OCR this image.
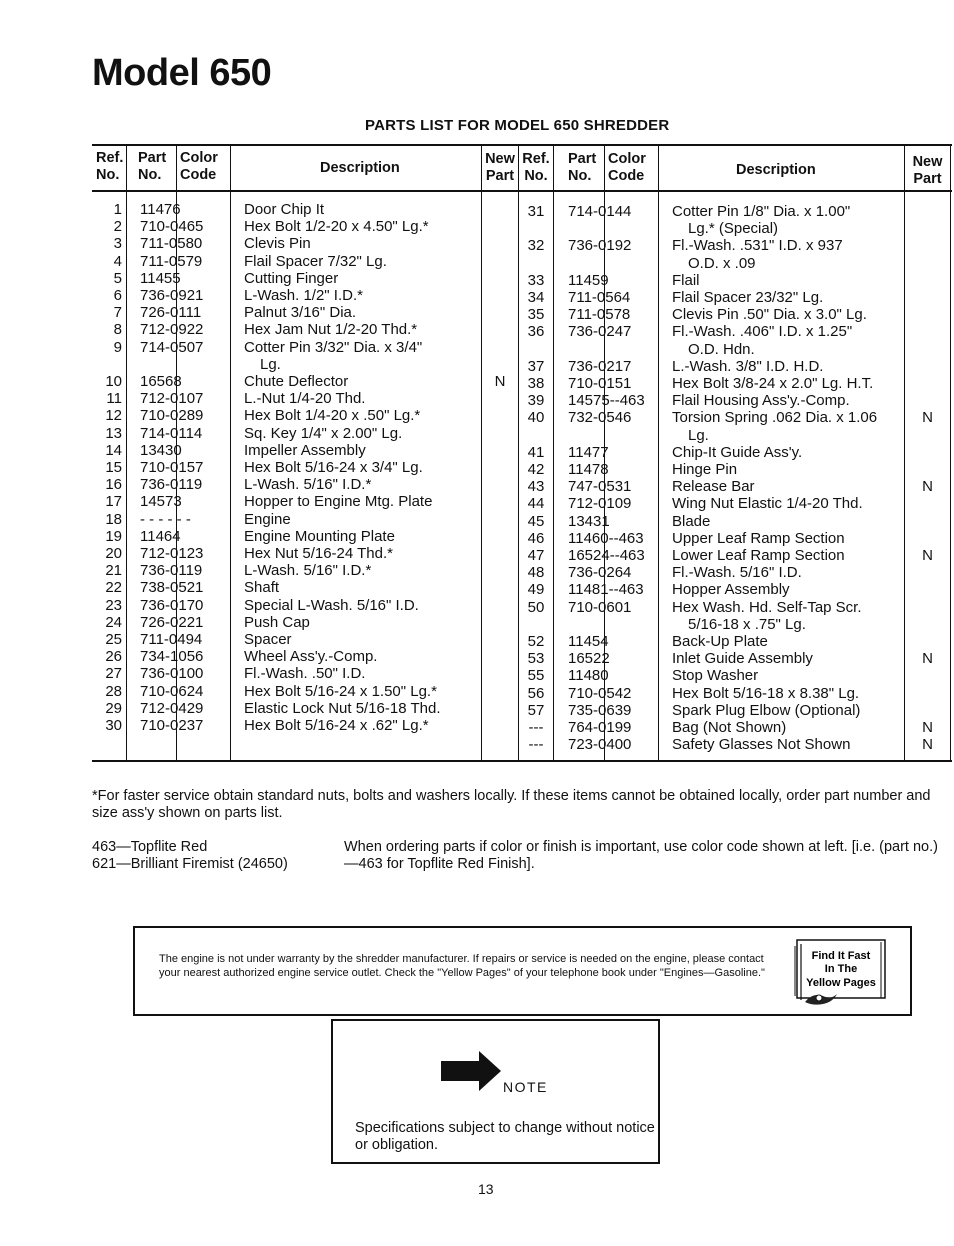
Model 650
PARTS LIST FOR MODEL 650 SHREDDER
Ref.
No.
Part
No.
Color
Code	Description
New
Part
Ref.
No.
Part
No.
Color
Code	Description	New
Part
1 11476	Door Chip It
2 710-0465	Hex Bolt 1/2-20 x 4.50" Lg.*
3 711-0580	Clevis Pin
4 711-0579	Flail Spacer 7/32" Lg.
5 11455	Cutting Finger
6 736-0921	L-Wash. 1/2" I.D.*
7 726-0111	Palnut 3/16" Dia.
8 712-0922	Hex Jam Nut 1/2-20 Thd.*
9 714-0507	Cotter Pin 3/32" Dia. x 3/4"
Lg.
10 16568	Chute Deflector	N
11 712-0107	L.-Nut 1/4-20 Thd.
12 710-0289	Hex Bolt 1/4-20 x .50" Lg.*
13 714-0114	Sq. Key 1/4" x 2.00" Lg.
14 13430	Impeller Assembly
15 710-0157	Hex Bolt 5/16-24 x 3/4" Lg.
16 736-0119	L-Wash. 5/16" I.D.*
17 14573	Hopper to Engine Mtg. Plate
18 - - - - - -	Engine
19 11464	Engine Mounting Plate
20 712-0123	Hex Nut 5/16-24 Thd.*
21 736-0119	L-Wash. 5/16" I.D.*
22 738-0521	Shaft
23 736-0170	Special L-Wash. 5/16" I.D.
24 726-0221	Push Cap
25 711-0494	Spacer
26 734-1056	Wheel Ass'y.-Comp.
27 736-0100	Fl.-Wash. .50" I.D.
28 710-0624	Hex Bolt 5/16-24 x 1.50" Lg.*
29 712-0429	Elastic Lock Nut 5/16-18 Thd.
30 710-0237	Hex Bolt 5/16-24 x .62" Lg.*
31	714-0144	Cotter Pin 1/8" Dia. x 1.00"
Lg.* (Special)
32	736-0192	Fl.-Wash. .531" I.D. x 937
O.D. x .09
33	11459	Flail
34	711-0564	Flail Spacer 23/32" Lg.
35	711-0578	Clevis Pin .50" Dia. x 3.0" Lg.
36	736-0247	Fl.-Wash. .406" I.D. x 1.25"
O.D. Hdn.
37	736-0217	L.-Wash. 3/8" I.D. H.D.
38	710-0151	Hex Bolt 3/8-24 x 2.0" Lg. H.T.
39	14575--463 Flail Housing Ass'y.-Comp.
40	732-0546	Torsion Spring .062 Dia. x 1.06	N
Lg.
41	11477	Chip-It Guide Ass'y.
42	11478	Hinge Pin
43	747-0531	Release Bar	N
44	712-0109	Wing Nut Elastic 1/4-20 Thd.
45	13431	Blade
46	11460--463 Upper Leaf Ramp Section
47	16524--463 Lower Leaf Ramp Section	N
48	736-0264	Fl.-Wash. 5/16" I.D.
49	11481--463 Hopper Assembly
50	710-0601	Hex Wash. Hd. Self-Tap Scr.
5/16-18 x .75" Lg.
52	11454	Back-Up Plate
53	16522	Inlet Guide Assembly	N
55	11480	Stop Washer
56	710-0542	Hex Bolt 5/16-18 x 8.38" Lg.
57	735-0639	Spark Plug Elbow (Optional)
---	764-0199	Bag (Not Shown)	N
---	723-0400	Safety Glasses Not Shown	N
*For faster service obtain standard nuts, bolts and washers locally. If these items cannot be obtained locally, order part number and size ass'y shown on parts list.
463—Topflite Red
621—Brilliant Firemist (24650)
When ordering parts if color or finish is important, use color code shown at left. [i.e. (part no.)—463 for Topflite Red Finish].
The engine is not under warranty by the shredder manufacturer. If repairs or service is needed on the engine, please contact your nearest authorized engine service outlet. Check the "Yellow Pages" of your telephone book under "Engines—Gasoline."
Find It Fast
In The
Yellow Pages
NOTE
Specifications subject to change without notice or obligation.
13
